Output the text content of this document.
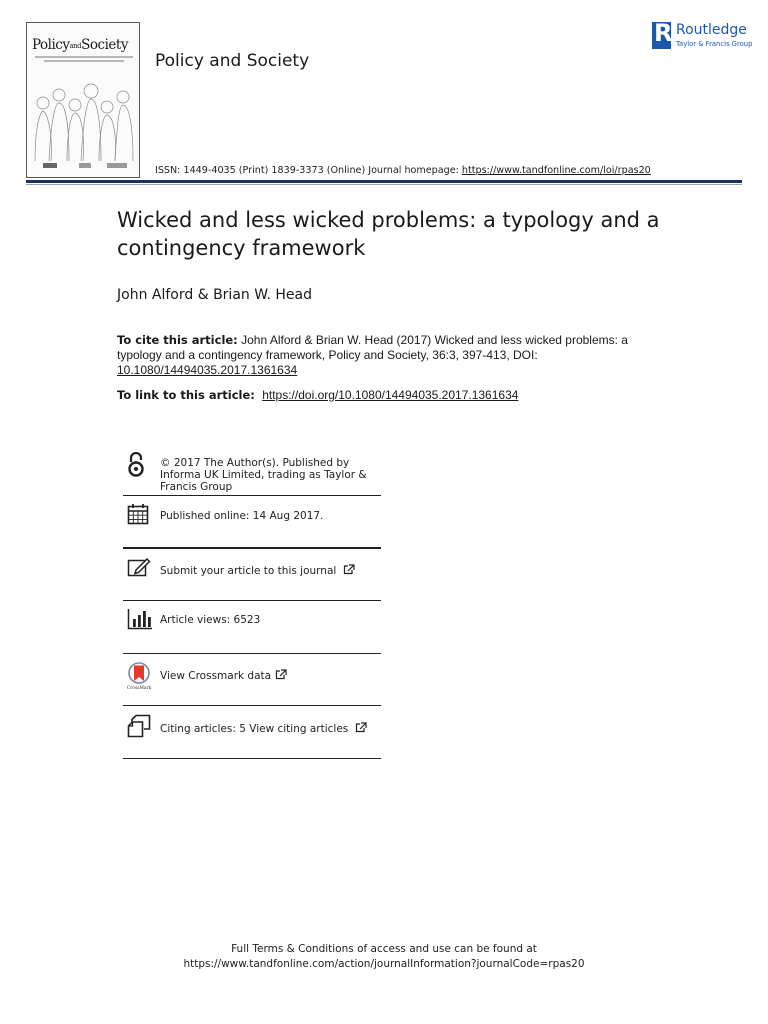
PolicyandSociety
Policy and Society
R Routledge
Taylor & Francis Group
ISSN: 1449-4035 (Print) 1839-3373 (Online) Journal homepage: https://www.tandfonline.com/loi/rpas20
Wicked and less wicked problems: a typology and a contingency framework
John Alford & Brian W. Head
To cite this article: John Alford & Brian W. Head (2017) Wicked and less wicked problems: a typology and a contingency framework, Policy and Society, 36:3, 397-413, DOI: 10.1080/14494035.2017.1361634
To link to this article: https://doi.org/10.1080/14494035.2017.1361634
© 2017 The Author(s). Published by Informa UK Limited, trading as Taylor & Francis Group
Published online: 14 Aug 2017.
Submit your article to this journal
Article views: 6523
CrossMark
View Crossmark data
Citing articles: 5 View citing articles
Full Terms & Conditions of access and use can be found at
https://www.tandfonline.com/action/journalInformation?journalCode=rpas20
